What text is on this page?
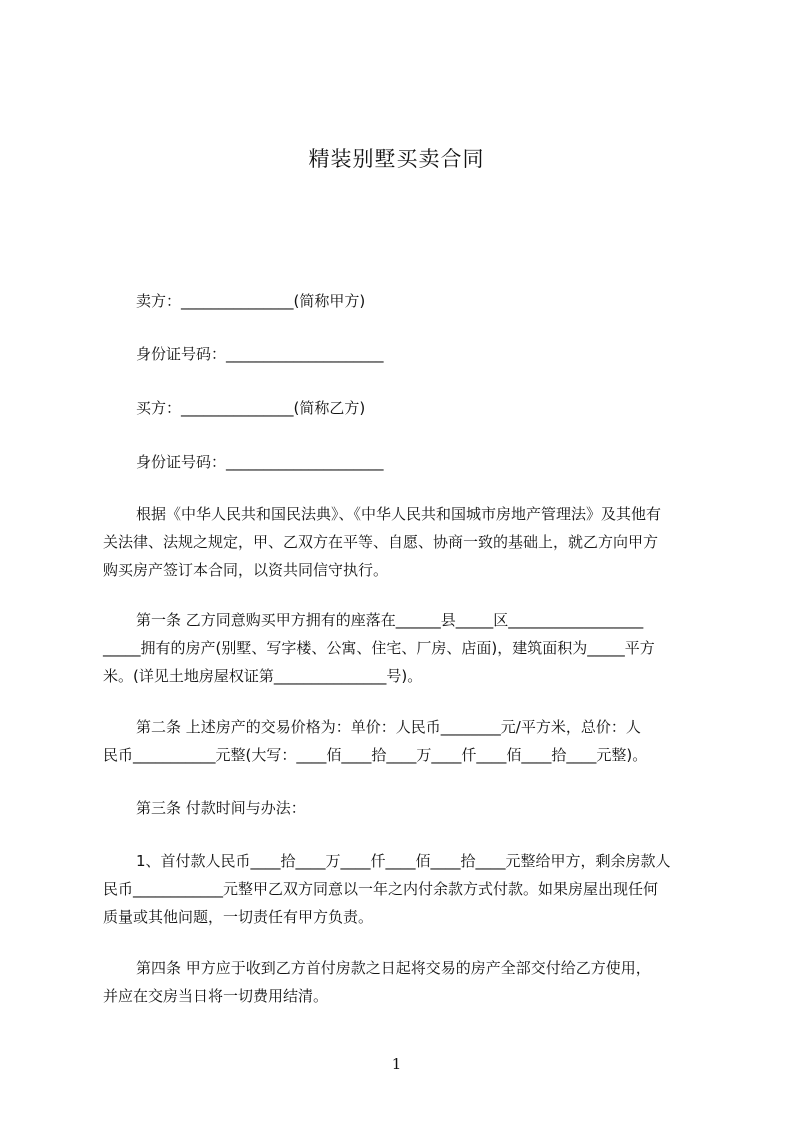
精装别墅买卖合同

卖方：_______________(简称甲方)

身份证号码：_____________________

买方：_______________(简称乙方)

身份证号码：_____________________

根据《中华人民共和国民法典》、《中华人民共和国城市房地产管理法》及其他有
关法律、法规之规定，甲、乙双方在平等、自愿、协商一致的基础上，就乙方向甲方
购买房产签订本合同，以资共同信守执行。
第一条 乙方同意购买甲方拥有的座落在______县_____区__________________
_____拥有的房产(别墅、写字楼、公寓、住宅、厂房、店面)，建筑面积为_____平方
米。(详见土地房屋权证第_______________号)。
第二条 上述房产的交易价格为：单价：人民币________元/平方米，总价：人
民币___________元整(大写：____佰____拾____万____仟____佰____拾____元整)。

第三条 付款时间与办法：

1、首付款人民币____拾____万____仟____佰____拾____元整给甲方，剩余房款人
民币____________元整甲乙双方同意以一年之内付余款方式付款。如果房屋出现任何
质量或其他问题，一切责任有甲方负责。
第四条 甲方应于收到乙方首付房款之日起将交易的房产全部交付给乙方使用，
并应在交房当日将一切费用结清。
1
